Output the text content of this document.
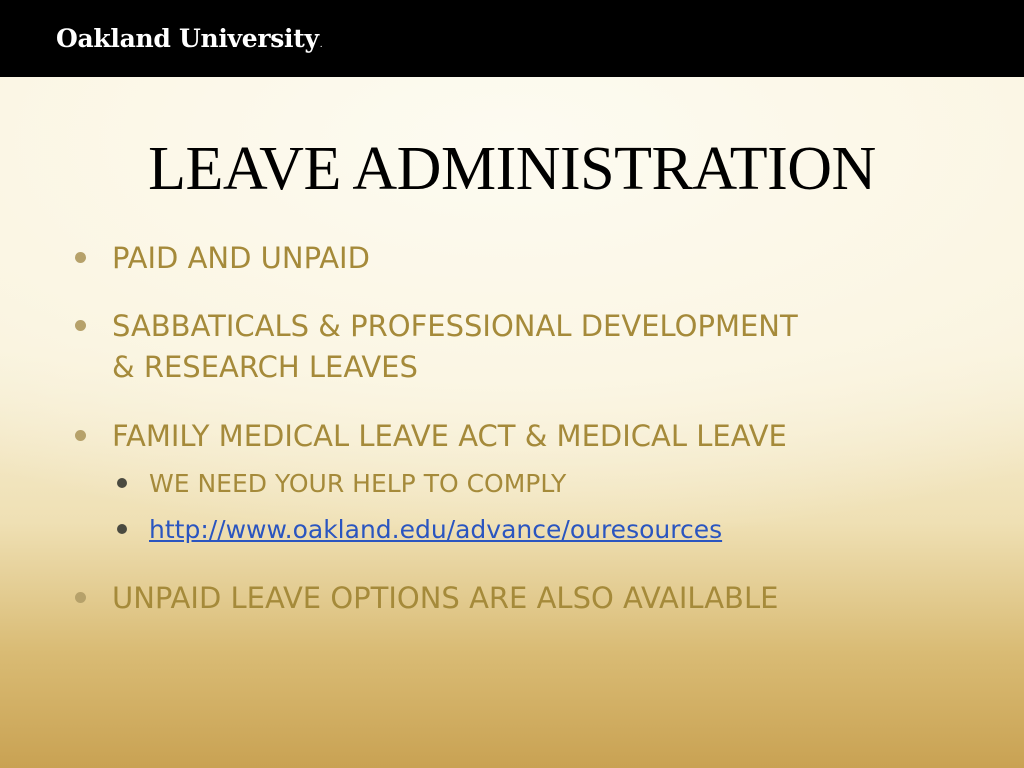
Oakland University.
LEAVE ADMINISTRATION
PAID AND UNPAID
SABBATICALS & PROFESSIONAL DEVELOPMENT
& RESEARCH LEAVES
FAMILY MEDICAL LEAVE ACT & MEDICAL LEAVE
WE NEED YOUR HELP TO COMPLY
http://www.oakland.edu/advance/ouresources
UNPAID LEAVE OPTIONS ARE ALSO AVAILABLE
